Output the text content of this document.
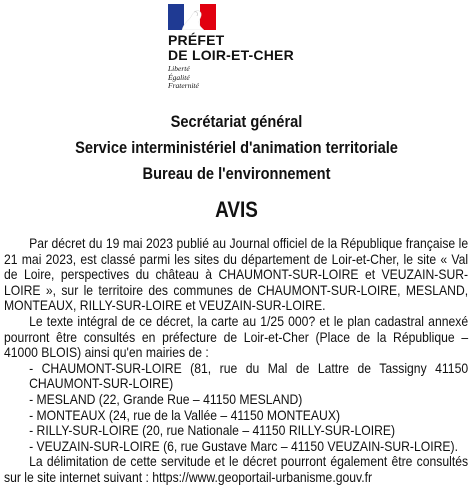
PRÉFET
DE LOIR-ET-CHER
Liberté
Égalité
Fraternité
Secrétariat général
Service interministériel d'animation territoriale
Bureau de l'environnement
AVIS

Par décret du 19 mai 2023 publié au Journal officiel de la République française le 21 mai 2023, est classé parmi les sites du département de Loir-et-Cher, le site « Val de Loire, perspectives du château à CHAUMONT-SUR-LOIRE et VEUZAIN-SUR-LOIRE », sur le territoire des communes de CHAUMONT-SUR-LOIRE, MESLAND, MONTEAUX, RILLY-SUR-LOIRE et VEUZAIN-SUR-LOIRE.

Le texte intégral de ce décret, la carte au 1/25 000? et le plan cadastral annexé pourront être consultés en préfecture de Loir-et-Cher (Place de la République – 41000 BLOIS) ainsi qu'en mairies de :

- CHAUMONT-SUR-LOIRE (81, rue du Mal de Lattre de Tassigny 41150 CHAUMONT-SUR-LOIRE)
- MESLAND (22, Grande Rue – 41150 MESLAND)
- MONTEAUX (24, rue de la Vallée – 41150 MONTEAUX)
- RILLY-SUR-LOIRE (20, rue Nationale – 41150 RILLY-SUR-LOIRE)
- VEUZAIN-SUR-LOIRE (6, rue Gustave Marc – 41150 VEUZAIN-SUR-LOIRE).

La délimitation de cette servitude et le décret pourront également être consultés sur le site internet suivant : https://www.geoportail-urbanisme.gouv.fr
